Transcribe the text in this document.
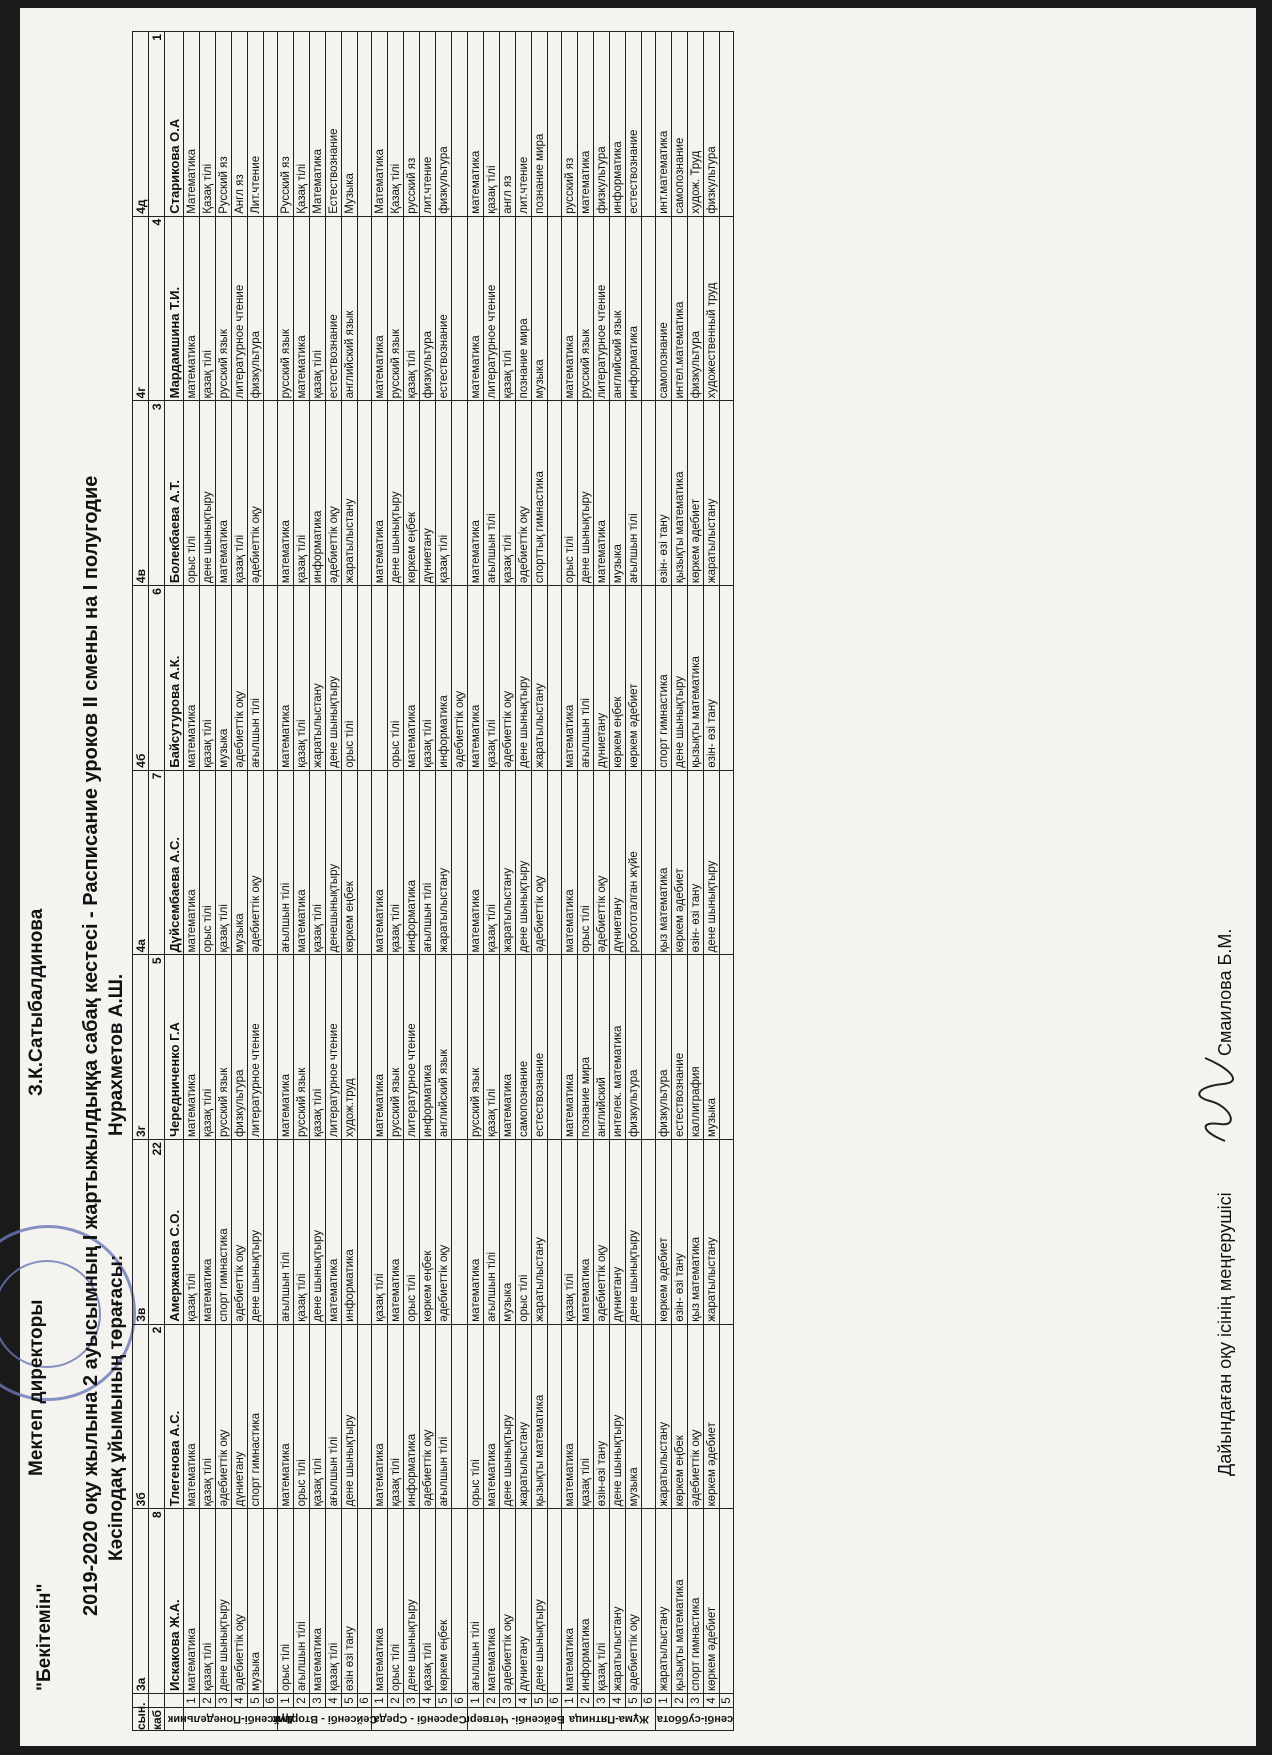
"Бекітемін"
Мектеп директоры
З.К.Сатыбалдинова 2019-2020 оқу жылына 2 ауысымның I жартыжылдыққа сабақ кестесі - Расписание уроков II смены на I полугодие Кәсіподақ ұйымының төрағасы:
Нурахметов А.Ш.
сын.		3а	3б	3в	3г	4а	4б	4в	4г	4д
каб		8	2	22	5	7	6	3	4	1
		Искакова Ж.А.	Тлегенова А.С.	Амержанова С.О.	Чередниченко Г.А	Дүйсембаева А.С.	Байсутурова А.К.	Болекбаева А.Т.	Мардамшина Т.И.	Старикова О.А

Дүйсенбі-Понедельник	1	математика	математика	қазақ тілі	математика	математика	математика	орыс тілі	математика	Математика
	2	қазақ тілі	қазақ тілі	математика	қазақ тілі	орыс тілі	қазақ тілі	дене шынықтыру	қазақ тілі	Қазақ тілі
	3	дене шынықтыру	әдебиеттік оқу	спорт гимнастика	русский язык	қазақ тілі	музыка	математика	русский язык	Русский яз
	4	әдебиеттік оқу	дүниетану	әдебиеттік оқу	физкультура	музыка	әдебиеттік оқу	қазақ тілі	литературное чтение	Англ яз
	5	музыка	спорт гимнастика	дене шынықтыру	литературное чтение	әдебиеттік оқу	ағылшын тілі	әдебиеттік оқу	физкультура	Лит.чтение
	6									

Сейсенбі - Вторник	1	орыс тілі	математика	ағылшын тілі	математика	ағылшын тілі	математика	математика	русский язык	Русский яз
	2	ағылшын тілі	орыс тілі	қазақ тілі	русский язык	математика	қазақ тілі	қазақ тілі	математика	Қазақ тілі
	3	математика	қазақ тілі	дене шынықтыру	қазақ тілі	қазақ тілі	жаратылыстану	информатика	қазақ тілі	Математика
	4	қазақ тілі	ағылшын тілі	математика	литературное чтение	денешынықтыру	дене шынықтыру	әдебиеттік оқу	естествознание	Естествознание
	5	өзін өзі тану	дене шынықтыру	информатика	худож.труд	көркем еңбек	орыс тілі	жаратылыстану	английский язык	Музыка
	6									

Сәрсенбі - Среда	1	математика	математика	қазақ тілі	математика	математика		математика	математика	Математика
	2	орыс тілі	қазақ тілі	математика	русский язык	қазақ тілі	орыс тілі	дене шынықтыру	русский язык	Қазақ тілі
	3	дене шынықтыру	информатика	орыс тілі	литературное чтение	информатика	математика	көркем еңбек	қазақ тілі	русский яз
	4	қазақ тілі	әдебиеттік оқу	көркем еңбек	информатика	ағылшын тілі	қазақ тілі	дүниетану	физкультура	лит.чтение
	5	көркем еңбек	ағылшын тілі	әдебиеттік оқу	английский язык	жаратылыстану	информатика	қазақ тілі	естествознание	физкультура
	6						әдебиеттік оқу			

Бейсенбі- Четверг	1	ағылшын тілі	орыс тілі	математика	русский язык	математика	математика	математика	математика	математика
	2	математика	математика	ағылшын тілі	қазақ тілі	қазақ тілі	қазақ тілі	ағылшын тілі	литературное чтение	қазақ тілі
	3	әдебиеттік оқу	дене шынықтыру	музыка	математика	жаратылыстану	әдебиеттік оқу	қазақ тілі	қазақ тілі	англ яз
	4	дүниетану	жаратылыстану	орыс тілі	самопознание	дене шынықтыру	дене шынықтыру	әдебиеттік оқу	познание мира	лит.чтение
	5	дене шынықтыру	қызықты математика	жаратылыстану	естествознание	әдебиеттік оқу	жаратылыстану	спорттық гимнастика	музыка	познание мира
	6									

Жұма-Пятница	1	математика	математика	қазақ тілі	математика	математика	математика	орыс тілі	математика	русский яз
	2	информатика	қазақ тілі	математика	познание мира	орыс тілі	ағылшын тілі	дене шынықтыру	русский язык	математика
	3	қазақ тілі	өзін-өзі тану	әдебиеттік оқу	английский	әдебиеттік оқу	дүниетану	математика	литературное чтение	физкультура
	4	жаратылыстану	дене шынықтыру	дүниетану	интелек. математика	дүниетану	көркем еңбек	музыка	английский язык	информатика
	5	әдебиеттік оқу	музыка	дене шынықтыру	физкультура	робототалган жүйе	көркем әдебиет	ағылшын тілі	информатика	естествознание
	6									

сенбі-суббота	1	жаратылыстану	жаратылыстану	көркем әдебиет	физкультура	қыз математика	спорт гимнастика	өзін- өзі тану	самопознание	инт.математика
	2	қызықты математика	көркем еңбек	өзін- өзі тану	естествознание	көркем әдебиет	дене шынықтыру	қызықты математика	интел.математика	самопознание
	3	спорт гимнастика	әдебиеттік оқу	қыз математика	каллиграфия	өзін- өзі тану	қызықты математика	көркем әдебиет	физкультура	худож. Труд
	4	көркем әдебиет	көркем әдебиет	жаратылыстану	музыка	дене шынықтыру	өзін- өзі тану	жаратылыстану	художественный труд	физкультура
	5									
Дайындаған оқу ісінің меңгерушісі
Смаилова Б.М.
